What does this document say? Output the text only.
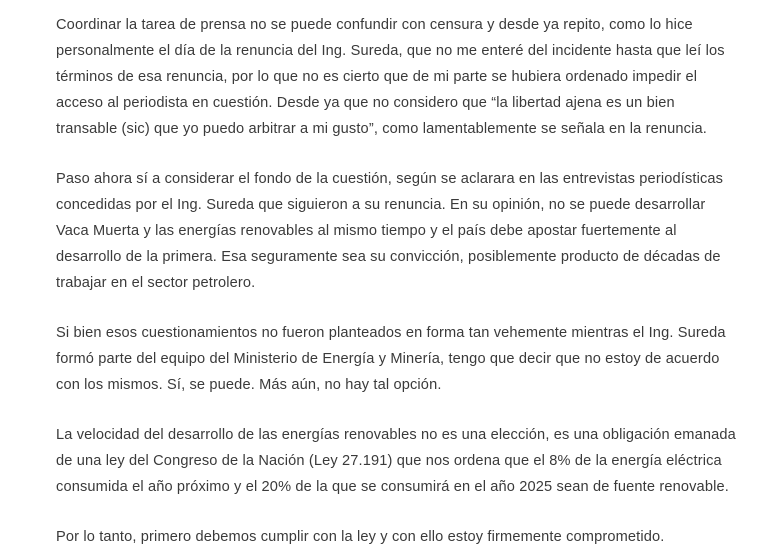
Coordinar la tarea de prensa no se puede confundir con censura y desde ya repito, como lo hice personalmente el día de la renuncia del Ing. Sureda, que no me enteré del incidente hasta que leí los términos de esa renuncia, por lo que no es cierto que de mi parte se hubiera ordenado impedir el acceso al periodista en cuestión. Desde ya que no considero que “la libertad ajena es un bien transable (sic) que yo puedo arbitrar a mi gusto”, como lamentablemente se señala en la renuncia.

Paso ahora sí a considerar el fondo de la cuestión, según se aclarara en las entrevistas periodísticas concedidas por el Ing. Sureda que siguieron a su renuncia. En su opinión, no se puede desarrollar Vaca Muerta y las energías renovables al mismo tiempo y el país debe apostar fuertemente al desarrollo de la primera. Esa seguramente sea su convicción, posiblemente producto de décadas de trabajar en el sector petrolero.

Si bien esos cuestionamientos no fueron planteados en forma tan vehemente mientras el Ing. Sureda formó parte del equipo del Ministerio de Energía y Minería, tengo que decir que no estoy de acuerdo con los mismos. Sí, se puede. Más aún, no hay tal opción.

La velocidad del desarrollo de las energías renovables no es una elección, es una obligación emanada de una ley del Congreso de la Nación (Ley 27.191) que nos ordena que el 8% de la energía eléctrica consumida el año próximo y el 20% de la que se consumirá en el año 2025 sean de fuente renovable.

Por lo tanto, primero debemos cumplir con la ley y con ello estoy firmemente comprometido.
